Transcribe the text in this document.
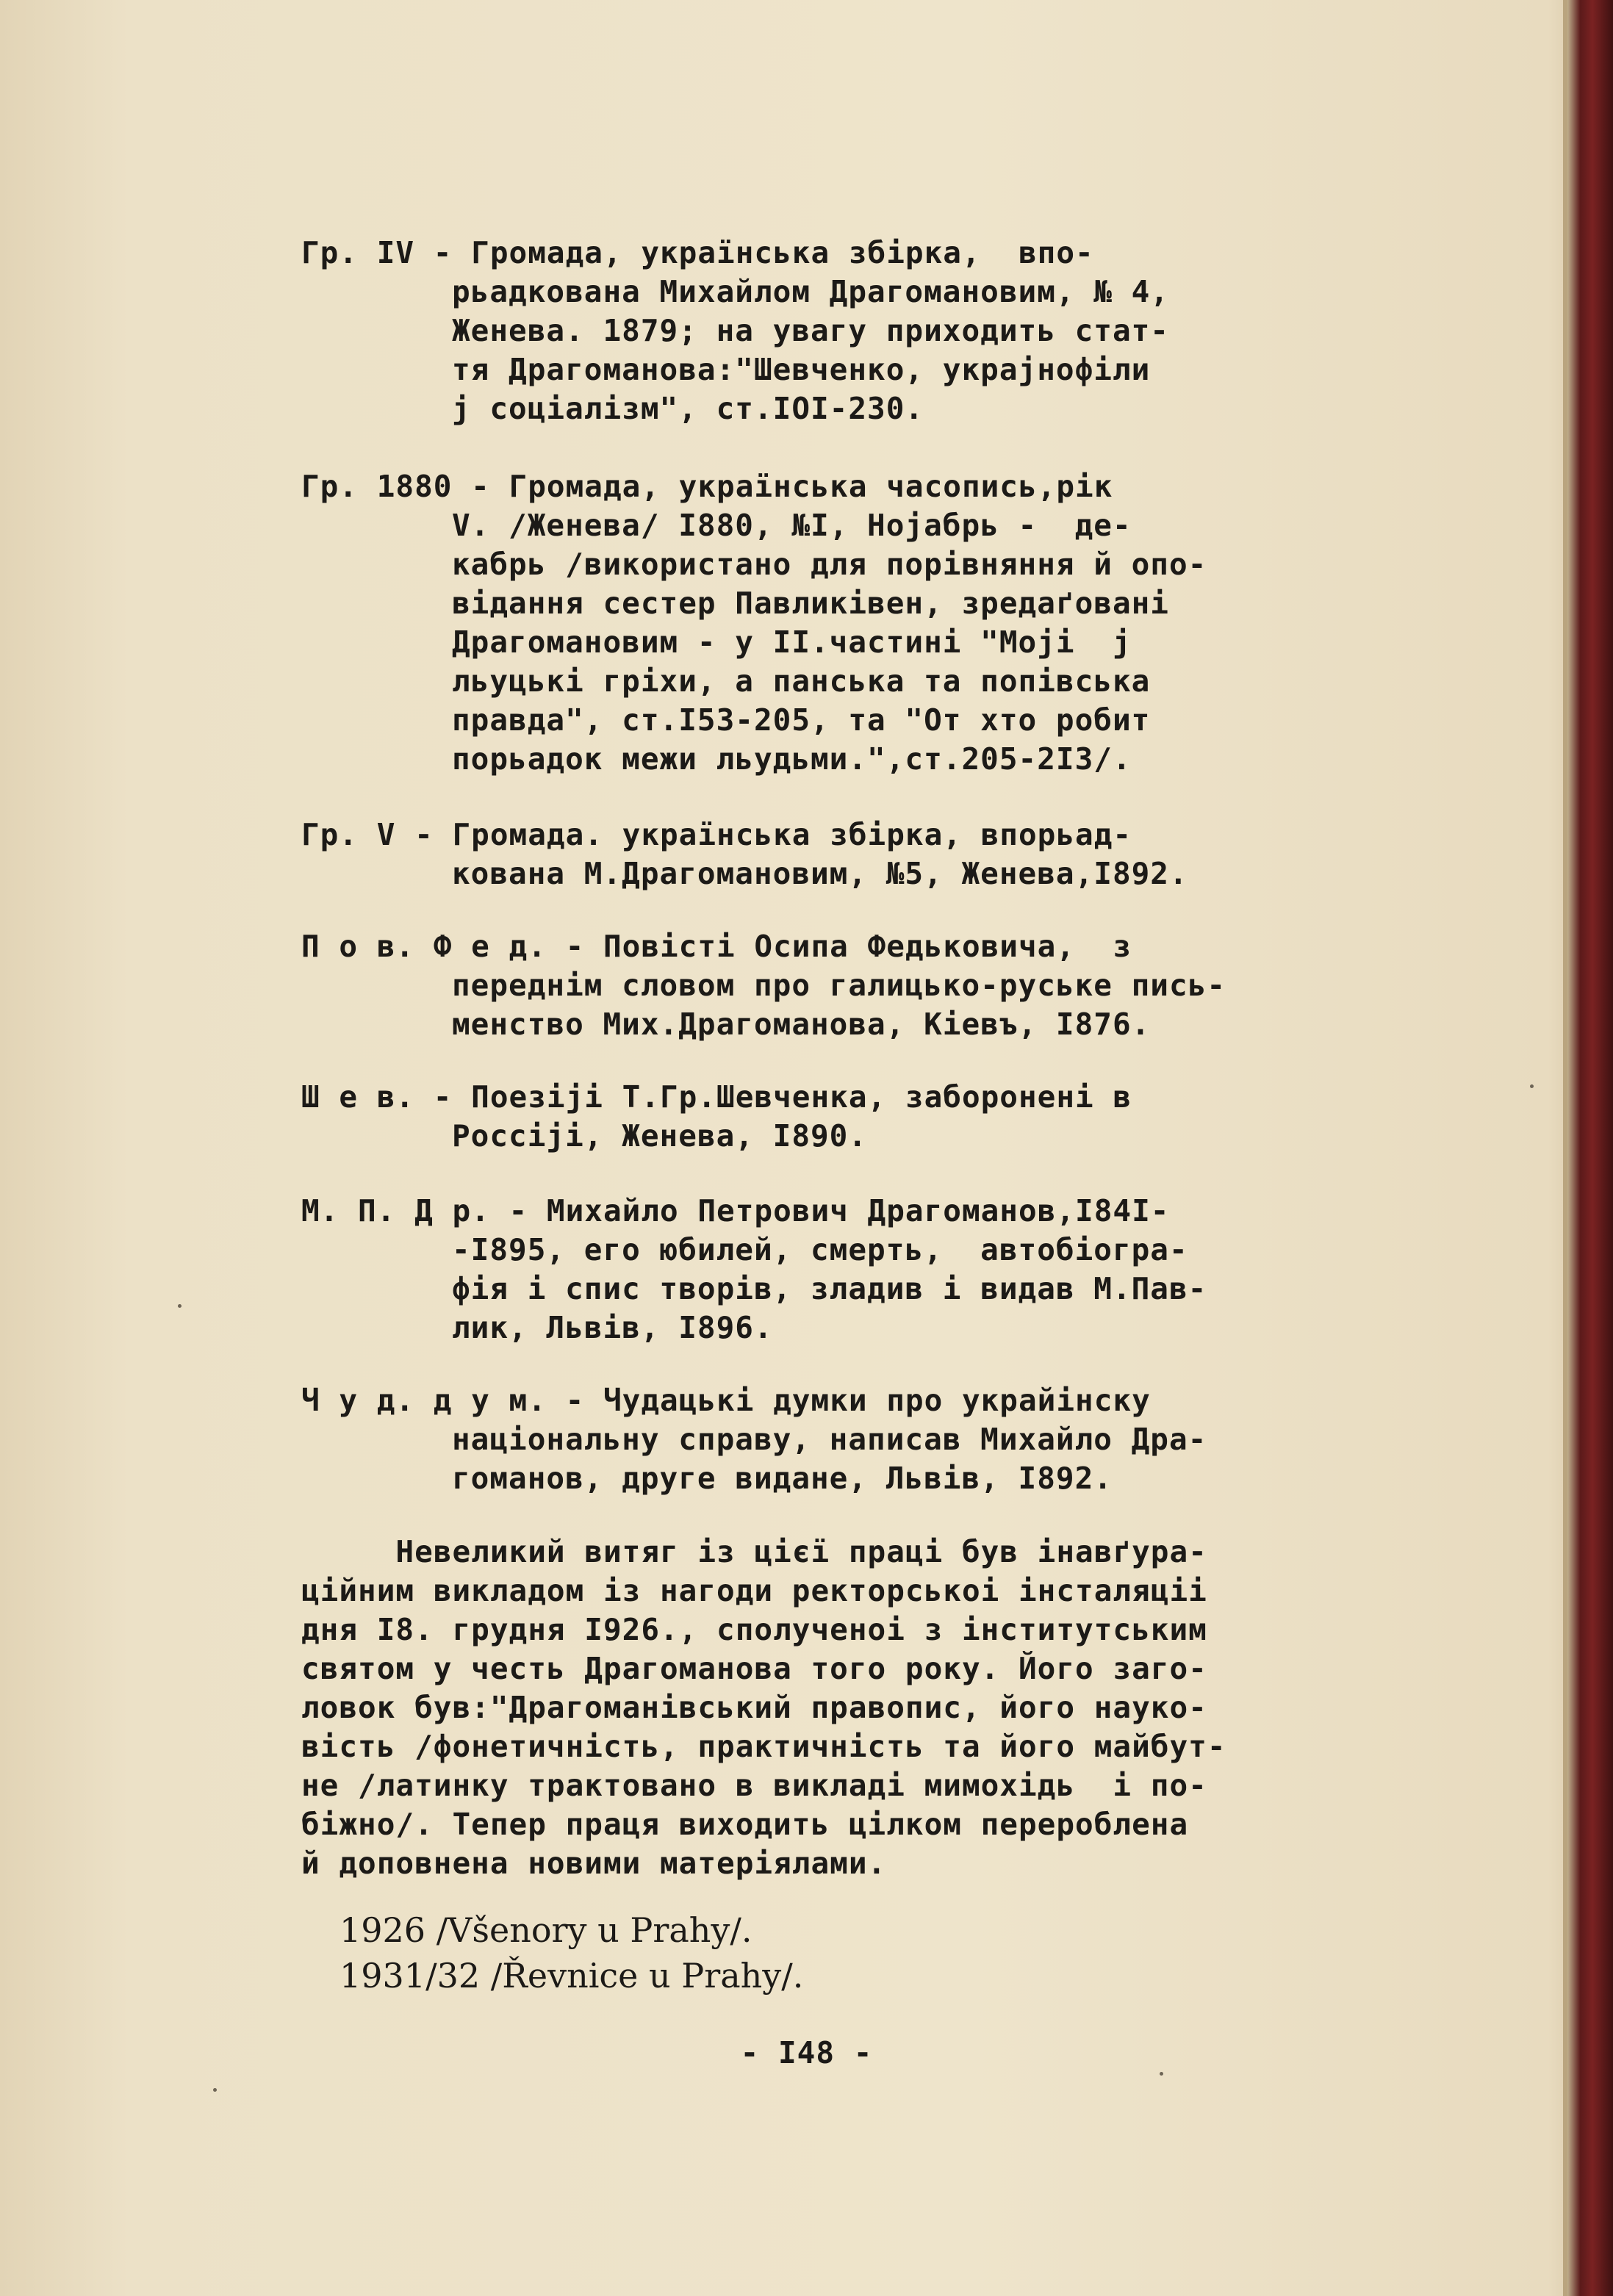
Гр. IV - Громада, українська збірка,  впо-

рьадкована Михайлом Драгомановим, № 4,

Женева. 1879; на увагу приходить стат-

тя Драгоманова:"Шевченко, украјнофіли

ј соціалізм", ст.IOI-230.

Гр. 1880 - Громада, українська часопись,рік

V. /Женева/ I880, №I, Нојабрь -  де-

кабрь /використано для порівняння й опо-

відання сестер Павликівен, зредаґовані

Драгомановим - у II.частині "Мојі  ј

льуцькі гріхи, а панська та попівська

правда", ст.I53-205, та "От хто робит

порьадок межи льудьми.",ст.205-2I3/.

Гр. V - Громада. українська збірка, впорьад-

кована М.Драгомановим, №5, Женева,I892.

П о в. Ф е д. - Повісті Осипа Федьковича,  з

переднім словом про галицько-руське пись-

менство Мих.Драгоманова, Кіевъ, I876.

Ш е в. - Поезіјі Т.Гр.Шевченка, заборонені в

Россіјі, Женева, I890.

М. П. Д р. - Михайло Петрович Драгоманов,I84I-

-I895, его юбилей, смерть,  автобіогра-

фія і спис творів, зладив і видав М.Пав-

лик, Львів, I896.

Ч у д. д у м. - Чудацькі думки про украйінску

національну справу, написав Михайло Дра-

гоманов, друге видане, Львів, I892.

Невеликий витяг із цієї праці був інавґура-

ційним викладом із нагоди ректорськоі інсталяціі

дня I8. грудня I926., сполученоі з інститутським

святом у честь Драгоманова того року. Його заго-

ловок був:"Драгоманівський правопис, його науко-

вість /фонетичність, практичність та його майбут-

не /латинку трактовано в викладі мимохідь  і по-

біжно/. Тепер праця виходить цілком перероблена

й доповнена новими матеріялами.

1926 /Všenory u Prahy/.

1931/32 /Řevnice u Prahy/.

- I48 -
